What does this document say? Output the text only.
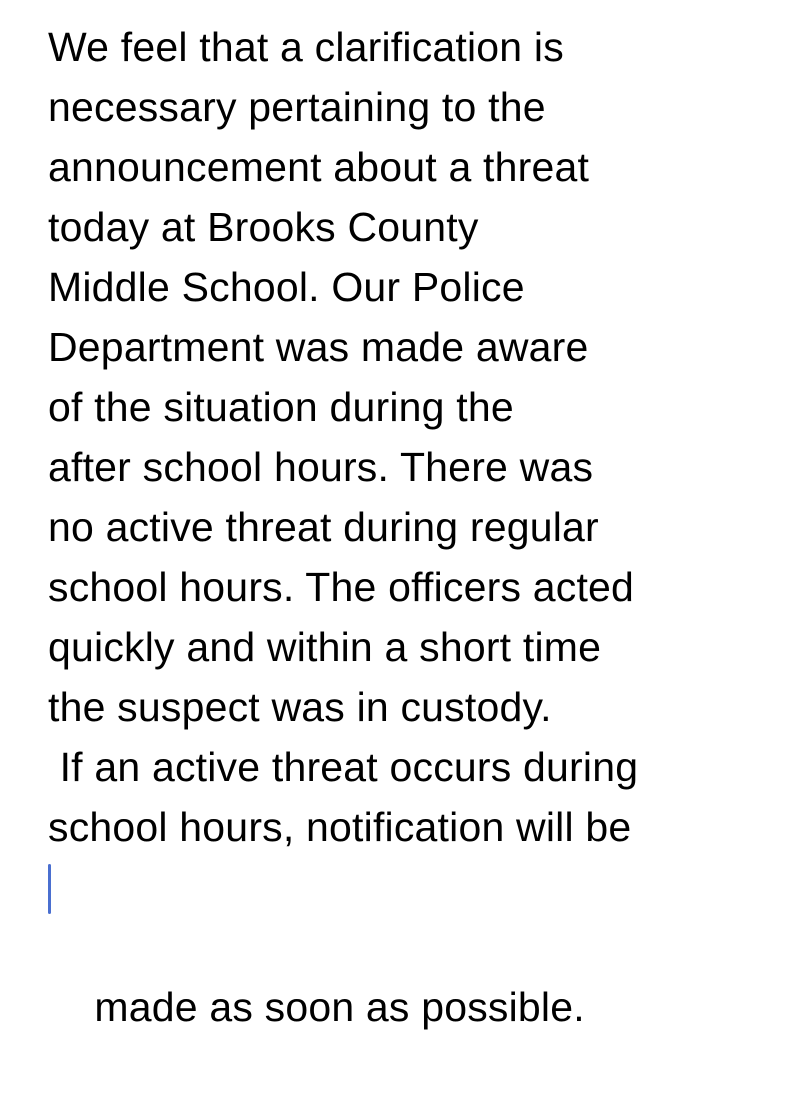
We feel that a clarification is
necessary pertaining to the
announcement about a threat
today at Brooks County
Middle School. Our Police
Department was made aware
of the situation during the
after school hours. There was
no active threat during regular
school hours. The officers acted
quickly and within a short time
the suspect was in custody.
If an active threat occurs during
school hours, notification will be

made as soon as possible.
